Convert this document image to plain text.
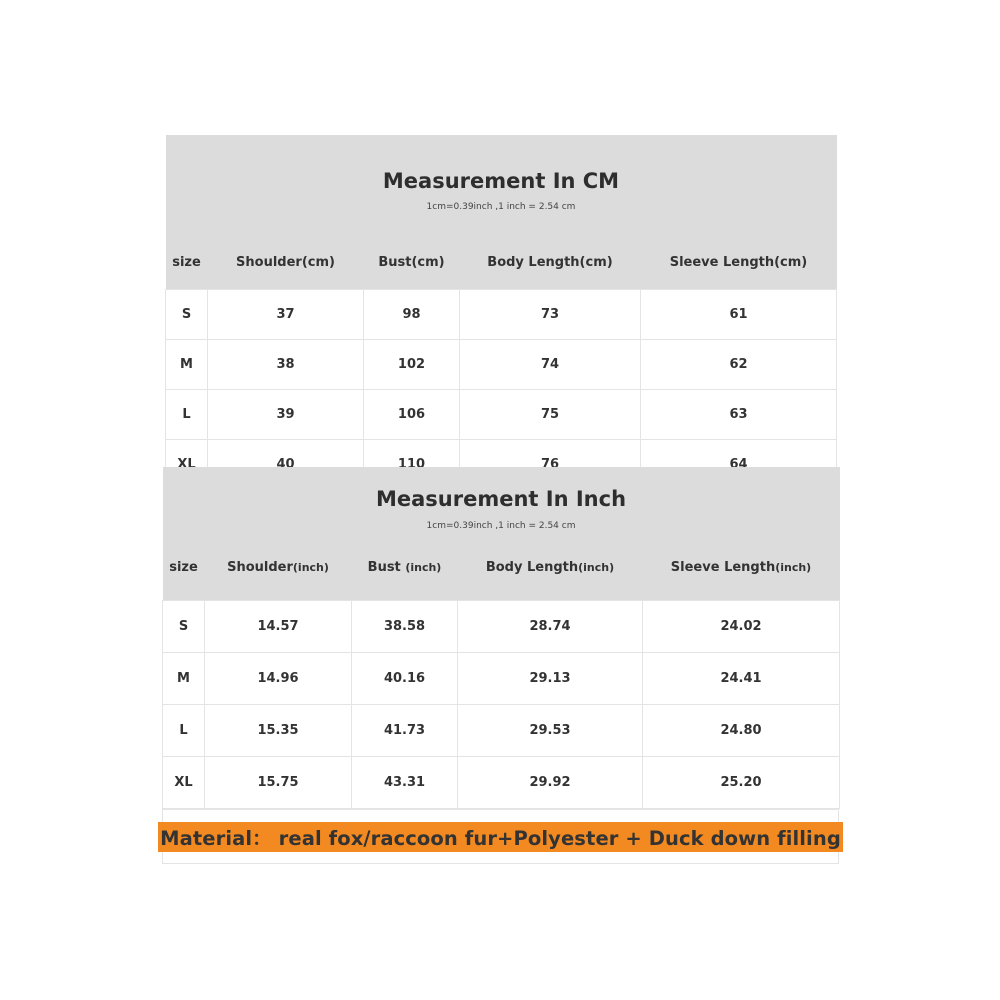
Measurement In CM
1cm=0.39inch ,1 inch = 2.54 cm				

size	Shoulder(cm)	Bust(cm)	Body Length(cm)	Sleeve Length(cm)
S	37	98	73	61
M	38	102	74	62
L	39	106	75	63
XL	40	110	76	64
Measurement In Inch
1cm=0.39inch ,1 inch = 2.54 cm				

size	Shoulder(inch)	Bust (inch)	Body Length(inch)	Sleeve Length(inch)
S	14.57	38.58	28.74	24.02
M	14.96	40.16	29.13	24.41
L	15.35	41.73	29.53	24.80
XL	15.75	43.31	29.92	25.20
Material： real fox/raccoon fur+Polyester + Duck down filling
